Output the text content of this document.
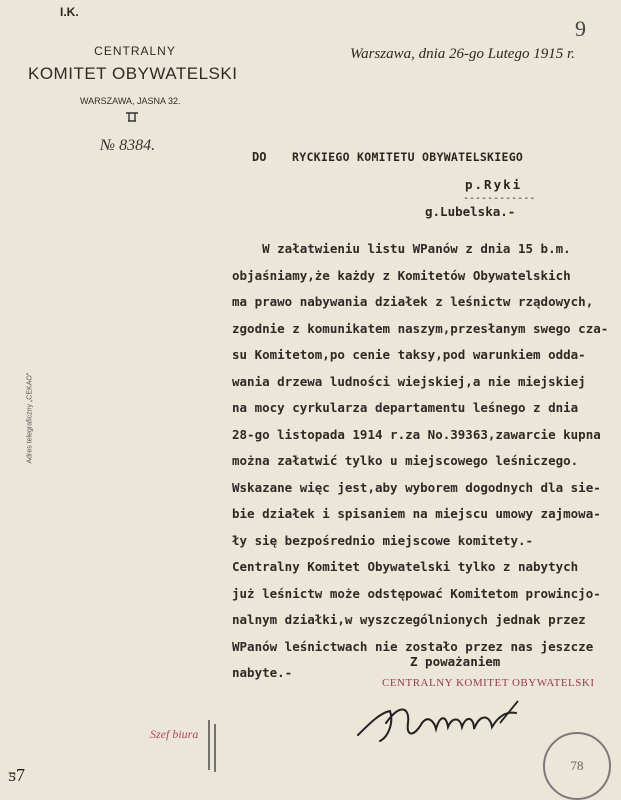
I.K.
CENTRALNY
KOMITET OBYWATELSKI
WARSZAWA, JASNA 32.
№ 8384.
Warszawa, dnia 26-go Lutego 1915 r.
9
Adres telegraficzny „CEKAO"
DO RYCKIEGO KOMITETU OBYWATELSKIEGO
p.Ryki
------------
g.Lubelska.-
W załatwieniu listu WPanów z dnia 15 b.m.
objaśniamy,że każdy z Komitetów Obywatelskich
ma prawo nabywania działek z leśnictw rządowych,
zgodnie z komunikatem naszym,przesłanym swego cza-
su Komitetom,po cenie taksy,pod warunkiem odda-
wania drzewa ludności wiejskiej,a nie miejskiej
na mocy cyrkularza departamentu leśnego z dnia
28-go listopada 1914 r.za No.39363,zawarcie kupna
można załatwić tylko u miejscowego leśniczego.
Wskazane więc jest,aby wyborem dogodnych dla sie-
bie działek i spisaniem na miejscu umowy zajmowa-
ły się bezpośrednio miejscowe komitety.-
Centralny Komitet Obywatelski tylko z nabytych
już leśnictw może odstępować Komitetom prowincjo-
nalnym działki,w wyszczególnionych jednak przez
WPanów leśnictwach nie zostało przez nas jeszcze
nabyte.-
Z poważaniem
CENTRALNY KOMITET OBYWATELSKI
Szef biura
78
ƽ7
